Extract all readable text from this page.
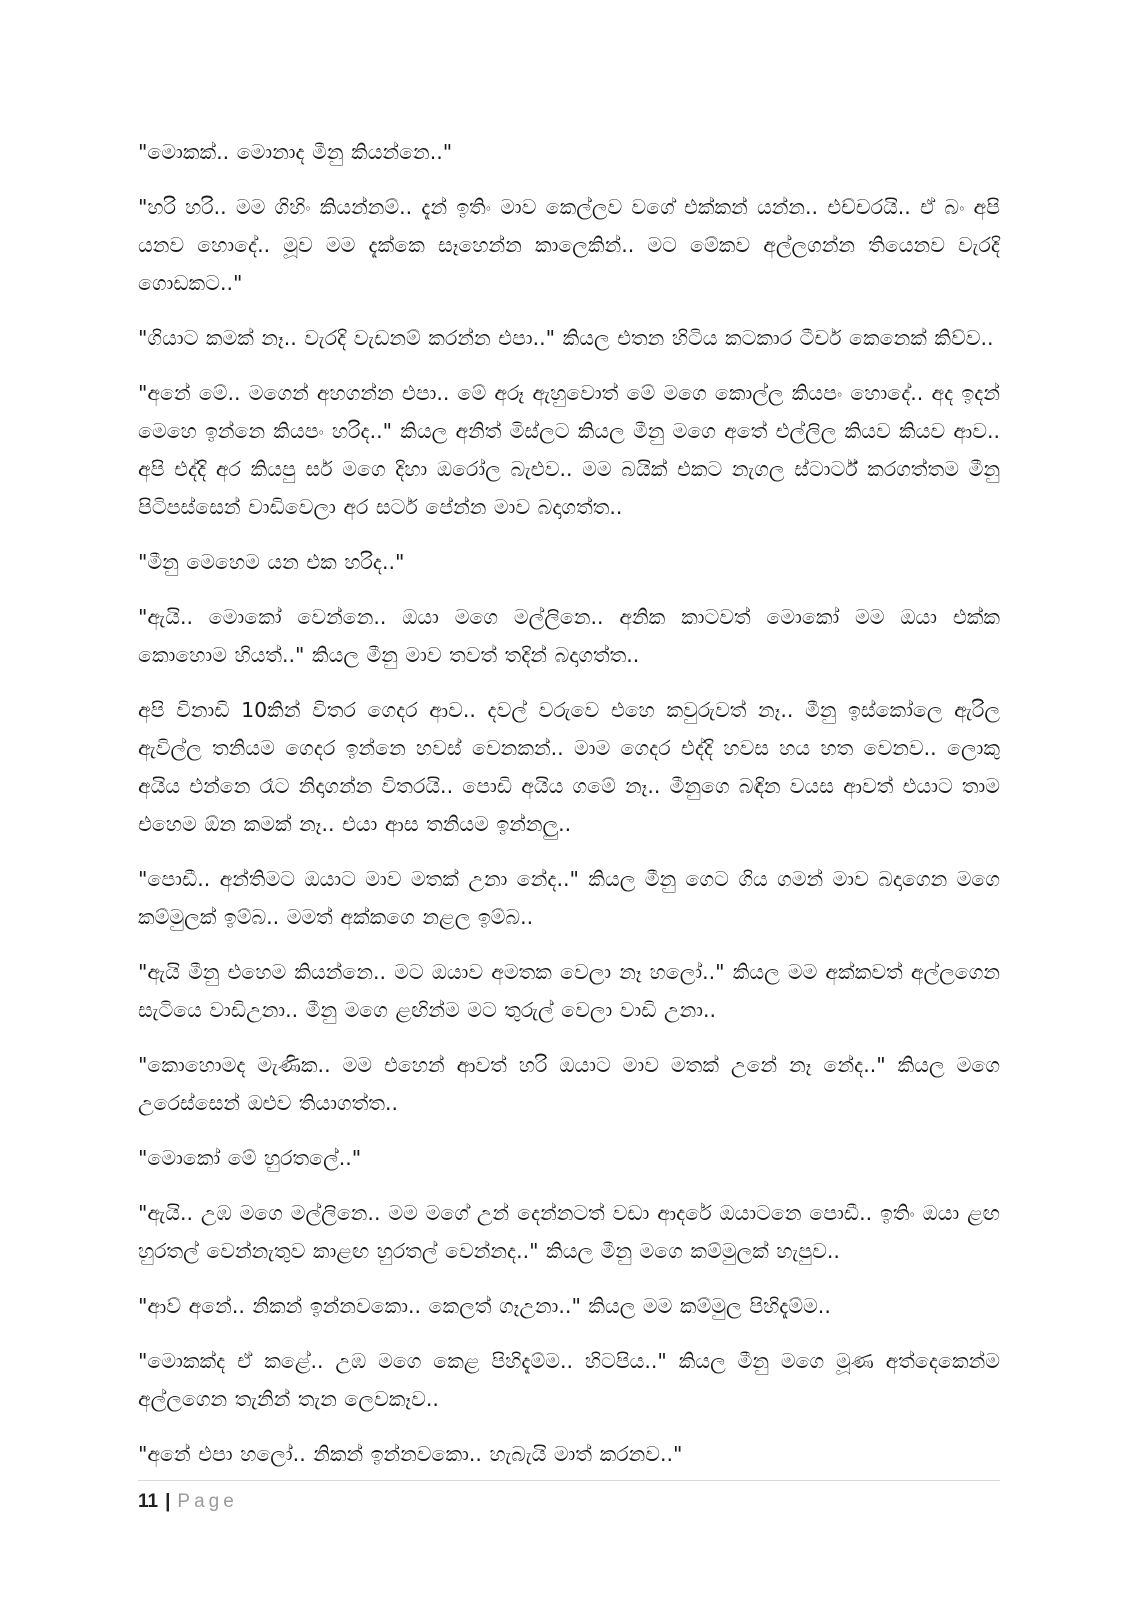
"මොකක්.. මොනාද මීනු කියන්නෙ.."

"හරි හරි.. මම ගිහිං කියන්නම්.. දැන් ඉතිං මාව කෙල්ලව වගේ එක්කන් යන්න.. එච්චරයි.. ඒ බං අපි යනව හොදේ.. මූව මම දැක්කෙ සෑහෙන්න කාලෙකින්.. මට මේකව අල්ලගන්න තියෙනව වැරදි ගොඩකට.."

"ගියාට කමක් නෑ.. වැරදි වැඩනම් කරන්න එපා.." කියල එතන හිටිය කටකාර ටීචර් කෙනෙක් කිව්ව..

"අනේ මේ.. මගෙන් අහගන්න එපා.. මේ අරූ ඇහුවොත් මේ මගෙ කොල්ල කියපං හොදේ.. අද ඉදන් මෙහෙ ඉන්නෙ කියපං හරිද.." කියල අනිත් මිස්ලට කියල මීනු මගෙ අතේ එල්ලිල කියව කියව ආව.. අපි එද්දි අර කියපු සර් මගෙ දිහා ඔරෝල බැළුව.. මම බයික් එකට නැගල ස්ටාර්ට් කරගත්තම මීනු පිටිපස්සෙන් වාඩිවෙලා අර සර්ට පේන්න මාව බදාගත්ත..

"මීනු මෙහෙම යන එක හරිද.."

"ඇයි.. මොකෝ වෙන්නෙ.. ඔයා මගෙ මල්ලිනෙ.. අනික කාටවත් මොකෝ මම ඔයා එක්ක කොහොම හියත්.." කියල මීනු මාව තවත් තදින් බදාගත්ත..

අපි විනාඩි 10කින් විතර ගෙදර ආව.. දවල් වරුවෙ එහෙ කවුරුවත් නෑ.. මීනු ඉස්කෝලෙ ඇරිල ඇවිල්ල තනියම ගෙදර ඉන්නෙ හවස් වෙනකන්.. මාම ගෙදර එද්දි හවස හය හත වෙනව.. ලොකු අයිය එන්නෙ රෑට නිදාගන්න විතරයි.. පොඩි අයිය ගමේ නෑ.. මීනුගෙ බඳින වයස ආවත් එයාට තාම එහෙම ඕන කමක් නෑ.. එයා ආස තනියම ඉන්නලු..

"පොඩී.. අන්තිමට ඔයාට මාව මතක් උනා නේද.." කියල මීනු ගෙට ගිය ගමන් මාව බදාගෙන මගෙ කම්මුලක් ඉම්බ.. මමත් අක්කගෙ නළල ඉම්බ..

"ඇයි මීනු එහෙම කියන්නෙ.. මට ඔයාව අමතක වෙලා නෑ හලෝ.." කියල මම අක්කවත් අල්ලගෙන සැටියෙ වාඩිඋනා.. මීනු මගෙ ළඟින්ම මට තුරුල් වෙලා වාඩි උනා..

"කොහොමද මැණික.. මම එහෙන් ආවත් හරි ඔයාට මාව මතක් උනේ නෑ නේද.." කියල මගෙ උරෙස්සෙන් ඔළුව තියාගත්ත..

"මොකෝ මේ හුරතලේ.."

"ඇයි.. උඹ මගෙ මල්ලිනෙ.. මම මගේ උන් දෙන්නටත් වඩා ආදරේ ඔයාටනෙ පොඩී.. ඉතිං ඔයා ළඟ හුරතල් වෙන්නැතුව කාළඟ හුරතල් වෙන්නද.." කියල මීනු මගෙ කම්මුලක් හැපුව..

"ආව් අනේ.. නිකන් ඉන්නවකො.. කෙලත් ගෑඋනා.." කියල මම කම්මුල පිහිදැම්ම..

"මොකක්ද ඒ කළේ.. උඹ මගෙ කෙළ පිහිදැම්ම.. හිටපිය.." කියල මීනු මගෙ මූණ අත්දෙකෙන්ම අල්ලගෙන තැනින් තැන ලෙවකෑව..

"අනේ එපා හලෝ.. නිකන් ඉන්නවකො.. හැබැයි මාත් කරනව.."

11 | Page
